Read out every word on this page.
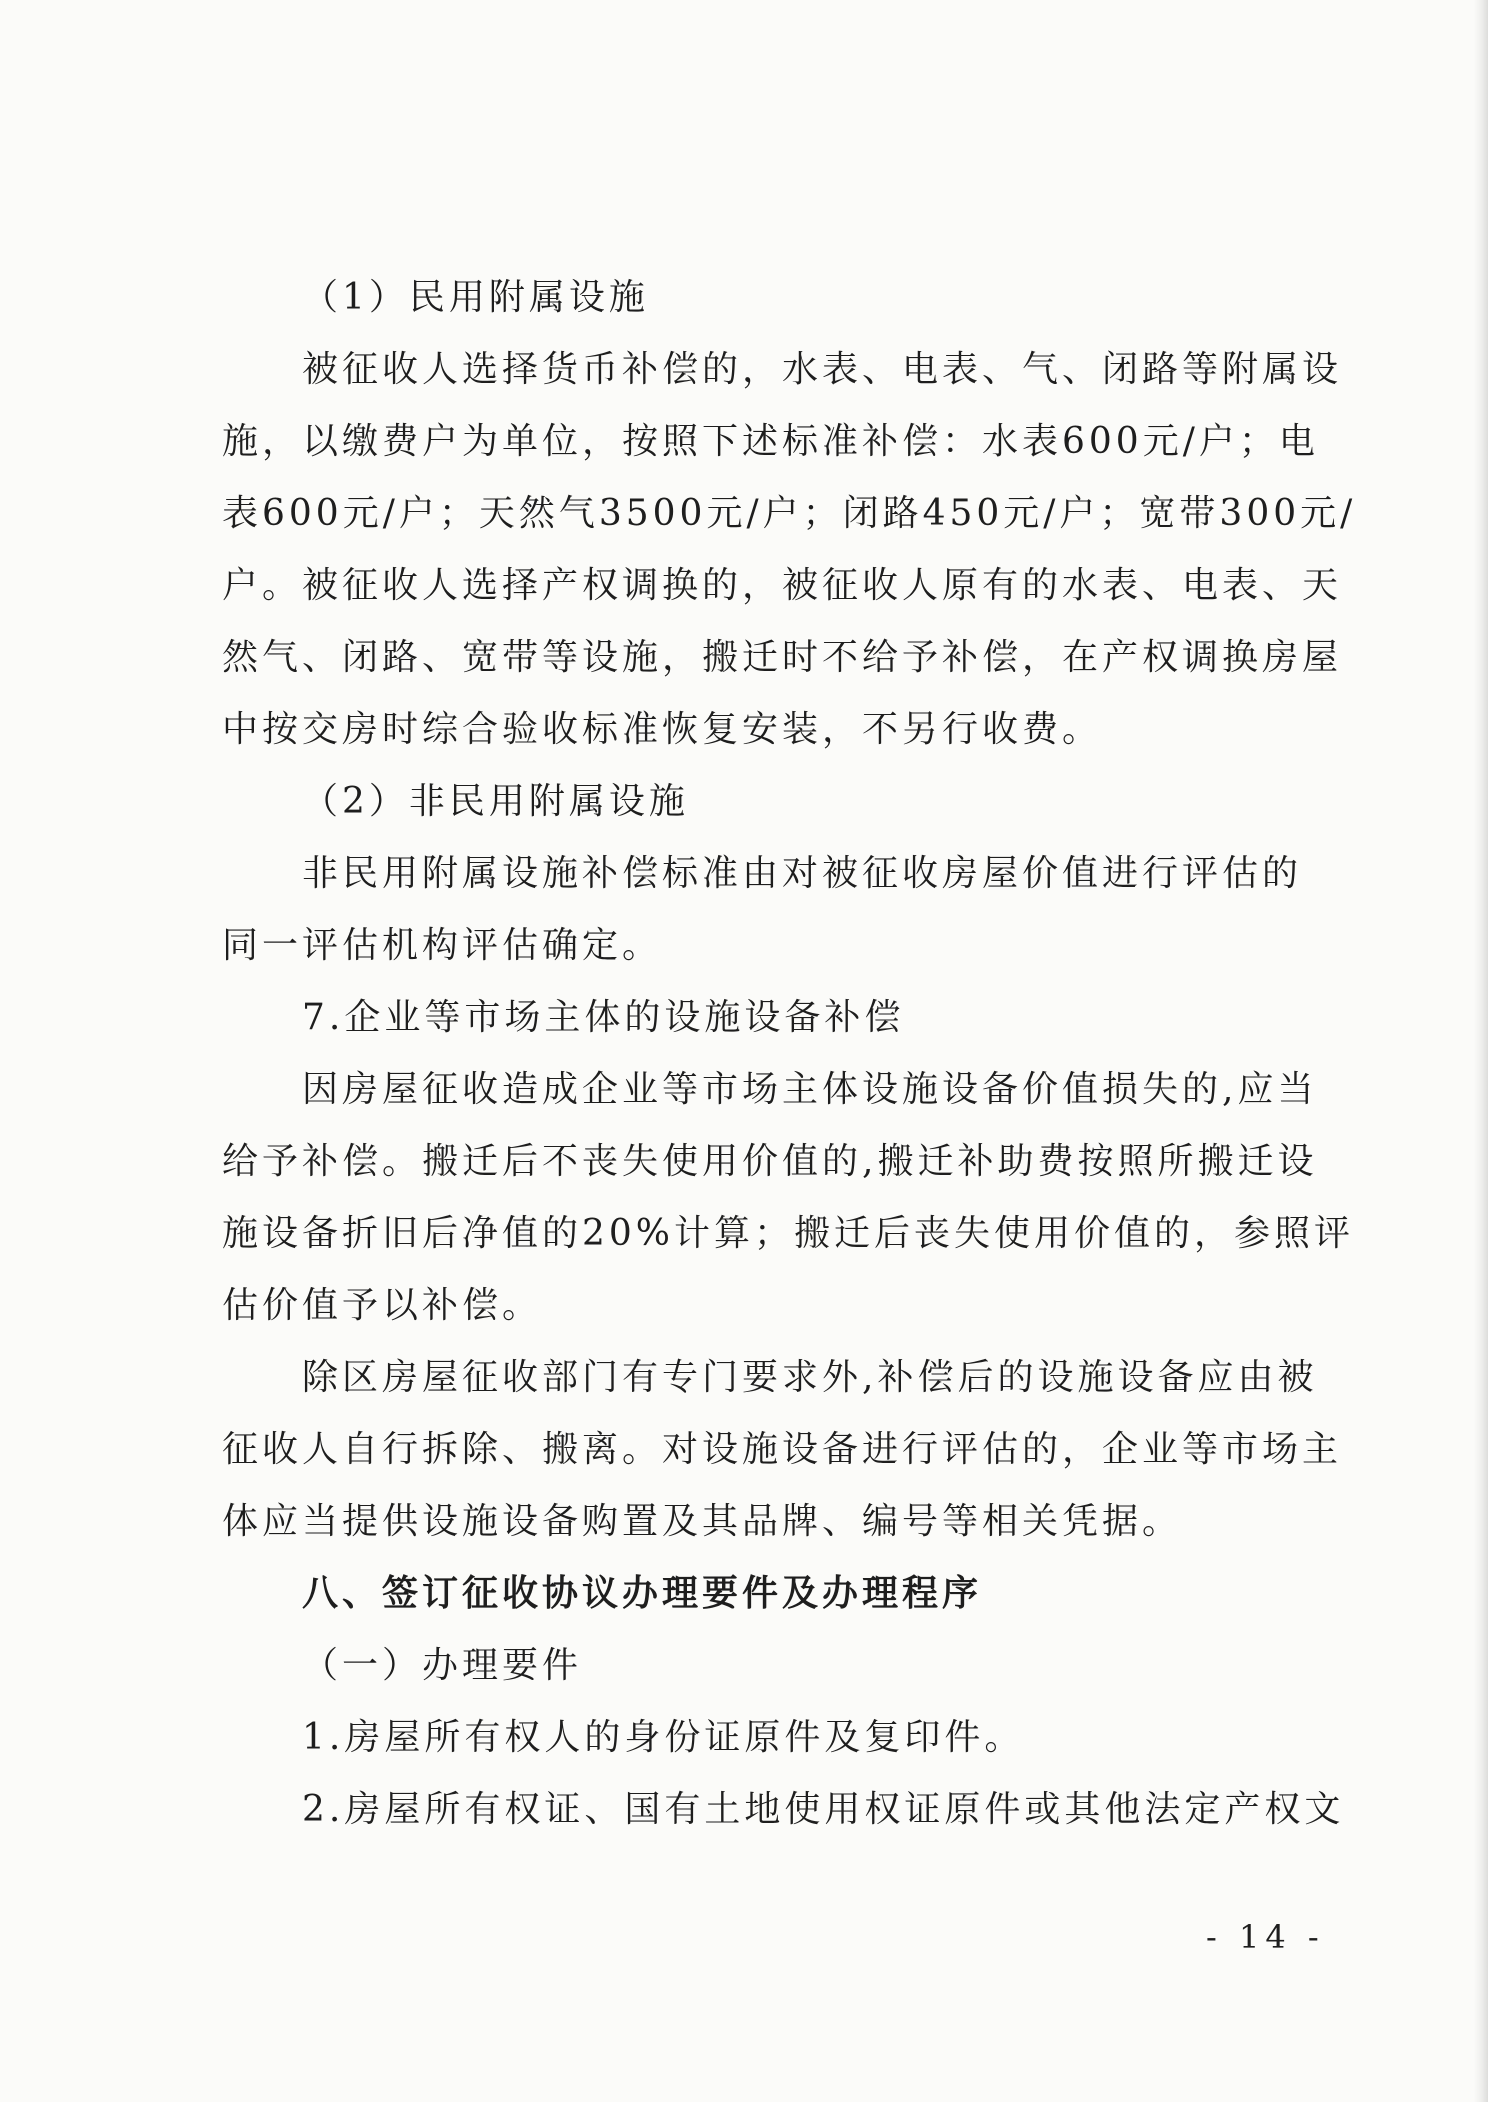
（1）民用附属设施

被征收人选择货币补偿的，水表、电表、气、闭路等附属设

施，以缴费户为单位，按照下述标准补偿：水表600元/户；电

表600元/户；天然气3500元/户；闭路450元/户；宽带300元/

户。被征收人选择产权调换的，被征收人原有的水表、电表、天

然气、闭路、宽带等设施，搬迁时不给予补偿，在产权调换房屋

中按交房时综合验收标准恢复安装，不另行收费。

（2）非民用附属设施

非民用附属设施补偿标准由对被征收房屋价值进行评估的

同一评估机构评估确定。

7.企业等市场主体的设施设备补偿

因房屋征收造成企业等市场主体设施设备价值损失的,应当

给予补偿。搬迁后不丧失使用价值的,搬迁补助费按照所搬迁设

施设备折旧后净值的20%计算；搬迁后丧失使用价值的，参照评

估价值予以补偿。

除区房屋征收部门有专门要求外,补偿后的设施设备应由被

征收人自行拆除、搬离。对设施设备进行评估的，企业等市场主

体应当提供设施设备购置及其品牌、编号等相关凭据。

八、签订征收协议办理要件及办理程序

（一）办理要件

1.房屋所有权人的身份证原件及复印件。

2.房屋所有权证、国有土地使用权证原件或其他法定产权文

- 14 -
